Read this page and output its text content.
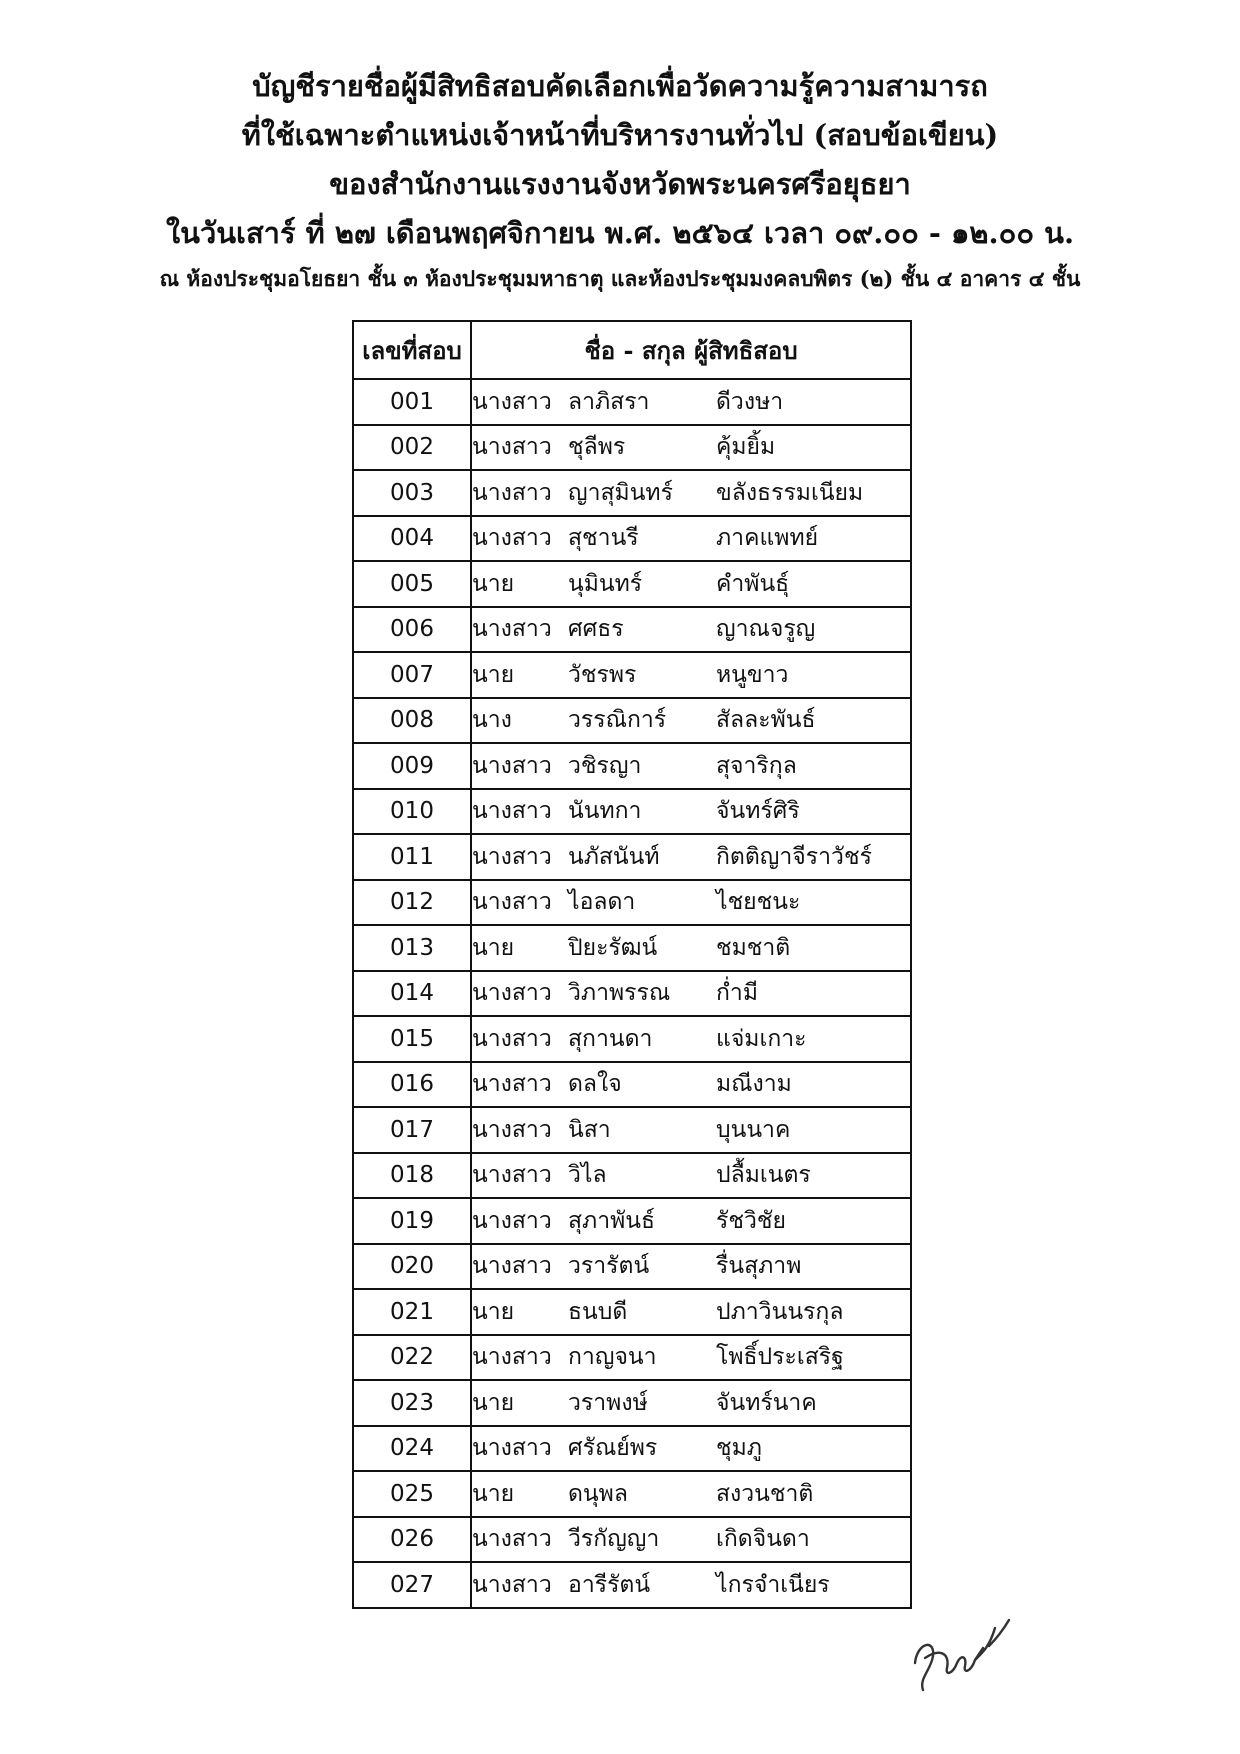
บัญชีรายชื่อผู้มีสิทธิสอบคัดเลือกเพื่อวัดความรู้ความสามารถ
ที่ใช้เฉพาะตำแหน่งเจ้าหน้าที่บริหารงานทั่วไป (สอบข้อเขียน)
ของสำนักงานแรงงานจังหวัดพระนครศรีอยุธยา
ในวันเสาร์ ที่ ๒๗ เดือนพฤศจิกายน พ.ศ. ๒๕๖๔ เวลา ๐๙.๐๐ - ๑๒.๐๐ น.
ณ ห้องประชุมอโยธยา ชั้น ๓ ห้องประชุมมหาธาตุ และห้องประชุมมงคลบพิตร (๒) ชั้น ๔ อาคาร ๔ ชั้น
เลขที่สอบ	ชื่อ - สกุล ผู้สิทธิสอบ
001	นางสาว ลาภิสรา ดีวงษา

002	นางสาว ชุลีพร คุ้มยิ้ม

003	นางสาว ญาสุมินทร์ ขลังธรรมเนียม

004	นางสาว สุชานรี ภาคแพทย์

005	นาย นุมินทร์ คำพันธุ์

006	นางสาว ศศธร ญาณจรูญ

007	นาย วัชรพร หนูขาว

008	นาง วรรณิการ์ สัลละพันธ์

009	นางสาว วชิรญา สุจาริกุล

010	นางสาว นันทกา จันทร์ศิริ

011	นางสาว นภัสนันท์ กิตติญาจีราวัชร์

012	นางสาว ไอลดา ไชยชนะ

013	นาย ปิยะรัฒน์ ชมชาติ

014	นางสาว วิภาพรรณ ก่ำมี

015	นางสาว สุกานดา แจ่มเกาะ

016	นางสาว ดลใจ มณีงาม

017	นางสาว นิสา บุนนาค

018	นางสาว วิไล ปลื้มเนตร

019	นางสาว สุภาพันธ์ รัชวิชัย

020	นางสาว วรารัตน์ รื่นสุภาพ

021	นาย ธนบดี ปภาวินนรกุล

022	นางสาว กาญจนา โพธิ์ประเสริฐ

023	นาย วราพงษ์ จันทร์นาค

024	นางสาว ศรัณย์พร ชุมภู

025	นาย ดนุพล สงวนชาติ

026	นางสาว วีรกัญญา เกิดจินดา

027	นางสาว อารีรัตน์ ไกรจำเนียร
